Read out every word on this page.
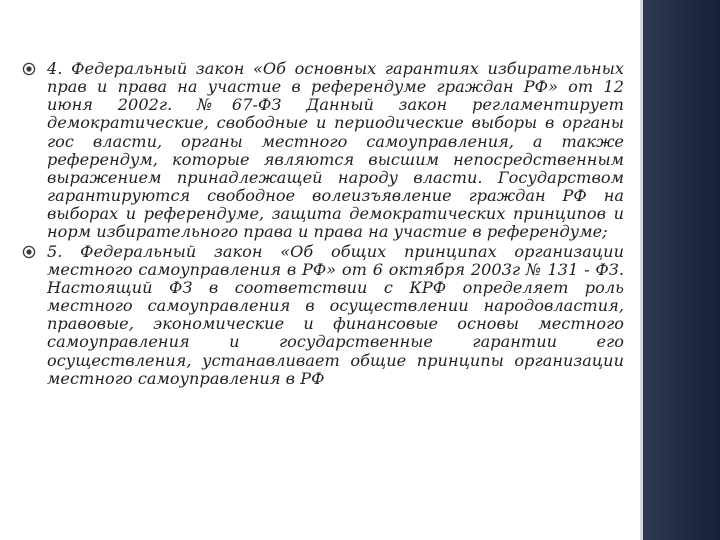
4. Федеральный закон «Об основных гарантиях избирательных прав и права на участие в референдуме граждан РФ» от 12 июня 2002г. №67-ФЗ Данный закон регламентирует демократические, свободные и периодические выборы в органы гос власти, органы местного самоуправления, а также референдум, которые являются высшим непосредственным выражением принадлежащей народу власти. Государством гарантируются свободное волеизъявление граждан РФ на выборах и референдуме, защита демократических принципов и норм избирательного права и права на участие в референдуме;
5. Федеральный закон «Об общих принципах организации местного самоуправления в РФ» от 6 октября 2003г № 131 - ФЗ. Настоящий ФЗ в соответствии с КРФ определяет роль местного самоуправления в осуществлении народовластия, правовые, экономические и финансовые основы местного самоуправления и государственные гарантии его осуществления, устанавливает общие принципы организации местного самоуправления в РФ
